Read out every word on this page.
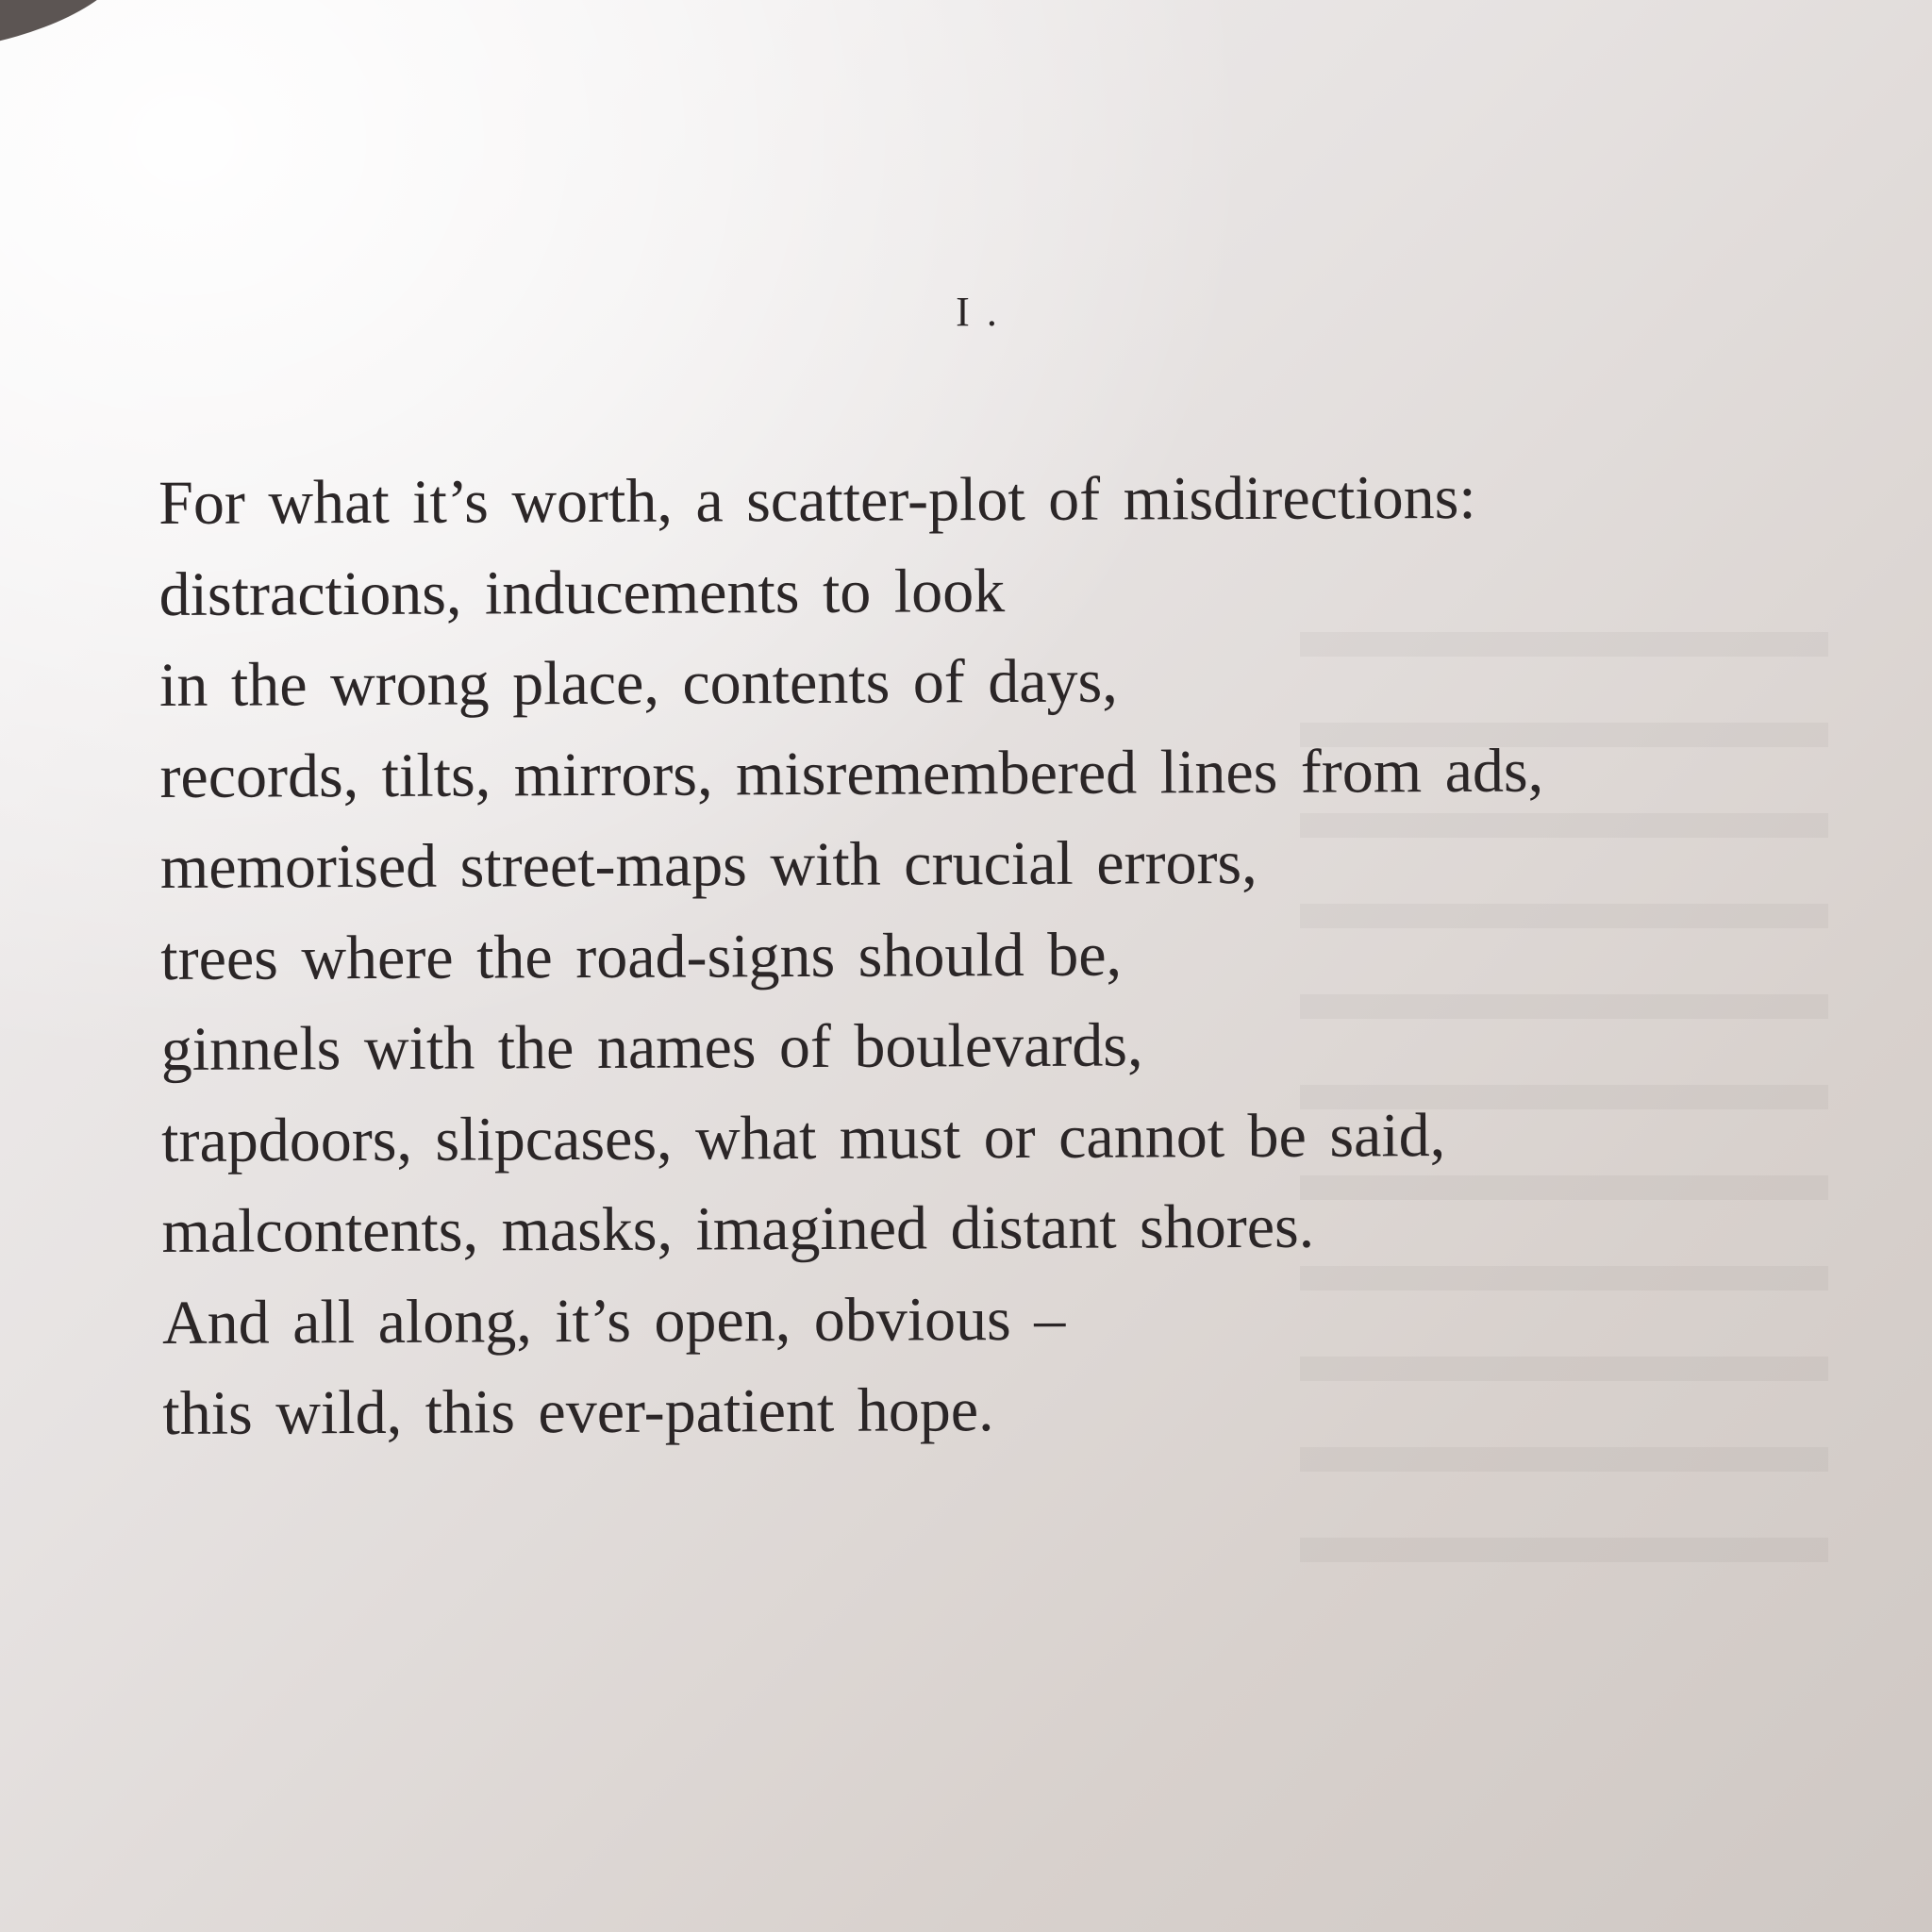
I.
For what it’s worth, a scatter-plot of misdirections:
distractions, inducements to look
in the wrong place, contents of days,
records, tilts, mirrors, misremembered lines from ads,
memorised street-maps with crucial errors,
trees where the road-signs should be,
ginnels with the names of boulevards,
trapdoors, slipcases, what must or cannot be said,
malcontents, masks, imagined distant shores.
And all along, it’s open, obvious –
this wild, this ever-patient hope.
